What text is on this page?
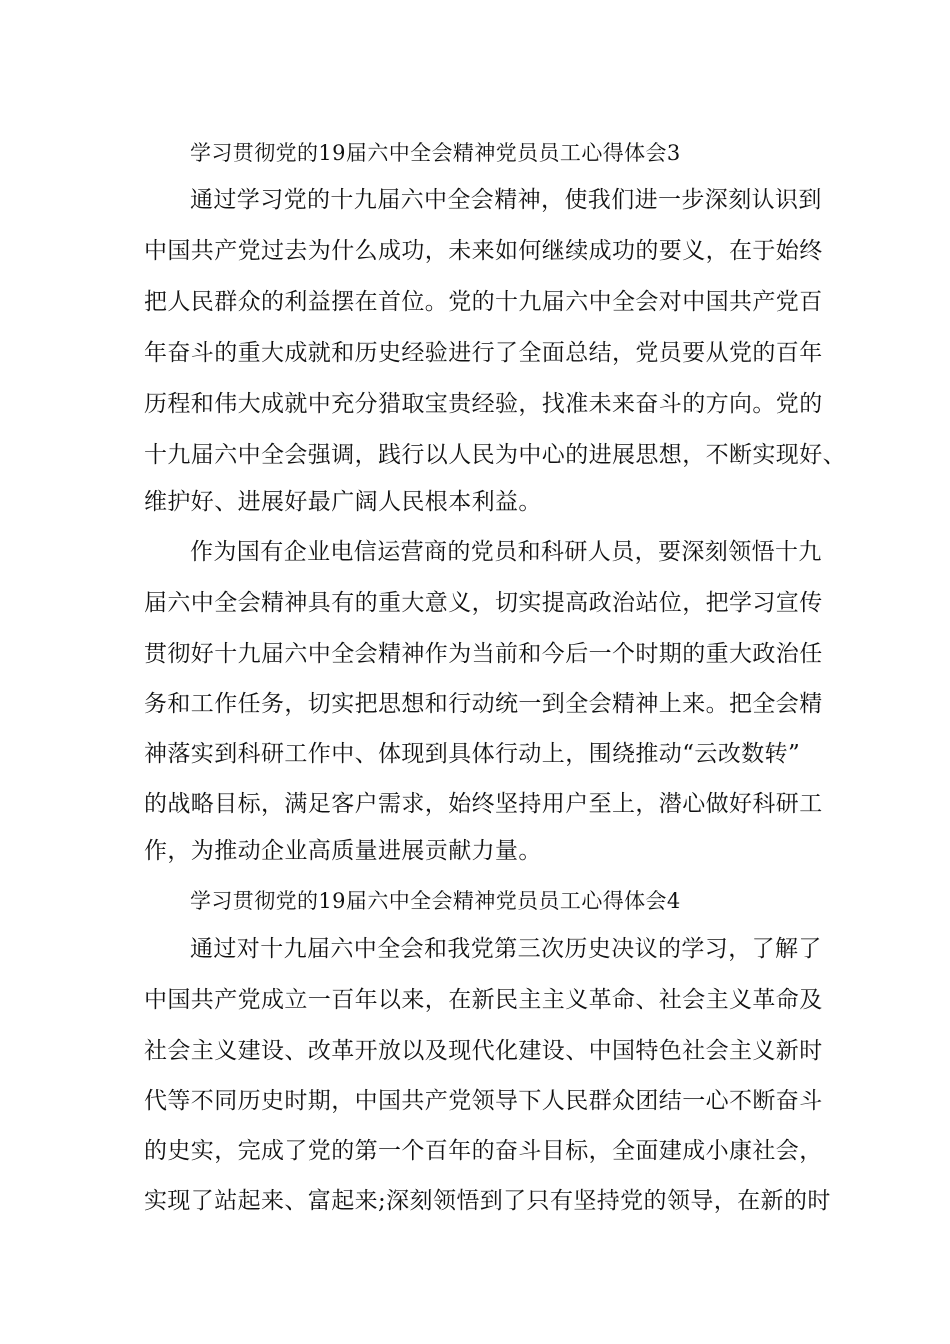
学习贯彻党的19届六中全会精神党员员工心得体会3
通过学习党的十九届六中全会精神，使我们进一步深刻认识到
中国共产党过去为什么成功，未来如何继续成功的要义，在于始终
把人民群众的利益摆在首位。党的十九届六中全会对中国共产党百
年奋斗的重大成就和历史经验进行了全面总结，党员要从党的百年
历程和伟大成就中充分猎取宝贵经验，找准未来奋斗的方向。党的
十九届六中全会强调，践行以人民为中心的进展思想，不断实现好、
维护好、进展好最广阔人民根本利益。
作为国有企业电信运营商的党员和科研人员，要深刻领悟十九
届六中全会精神具有的重大意义，切实提高政治站位，把学习宣传
贯彻好十九届六中全会精神作为当前和今后一个时期的重大政治任
务和工作任务，切实把思想和行动统一到全会精神上来。把全会精
神落实到科研工作中、体现到具体行动上，围绕推动“云改数转”
的战略目标，满足客户需求，始终坚持用户至上，潜心做好科研工
作，为推动企业高质量进展贡献力量。
学习贯彻党的19届六中全会精神党员员工心得体会4
通过对十九届六中全会和我党第三次历史决议的学习，了解了
中国共产党成立一百年以来，在新民主主义革命、社会主义革命及
社会主义建设、改革开放以及现代化建设、中国特色社会主义新时
代等不同历史时期，中国共产党领导下人民群众团结一心不断奋斗
的史实，完成了党的第一个百年的奋斗目标，全面建成小康社会，
实现了站起来、富起来;深刻领悟到了只有坚持党的领导，在新的时
